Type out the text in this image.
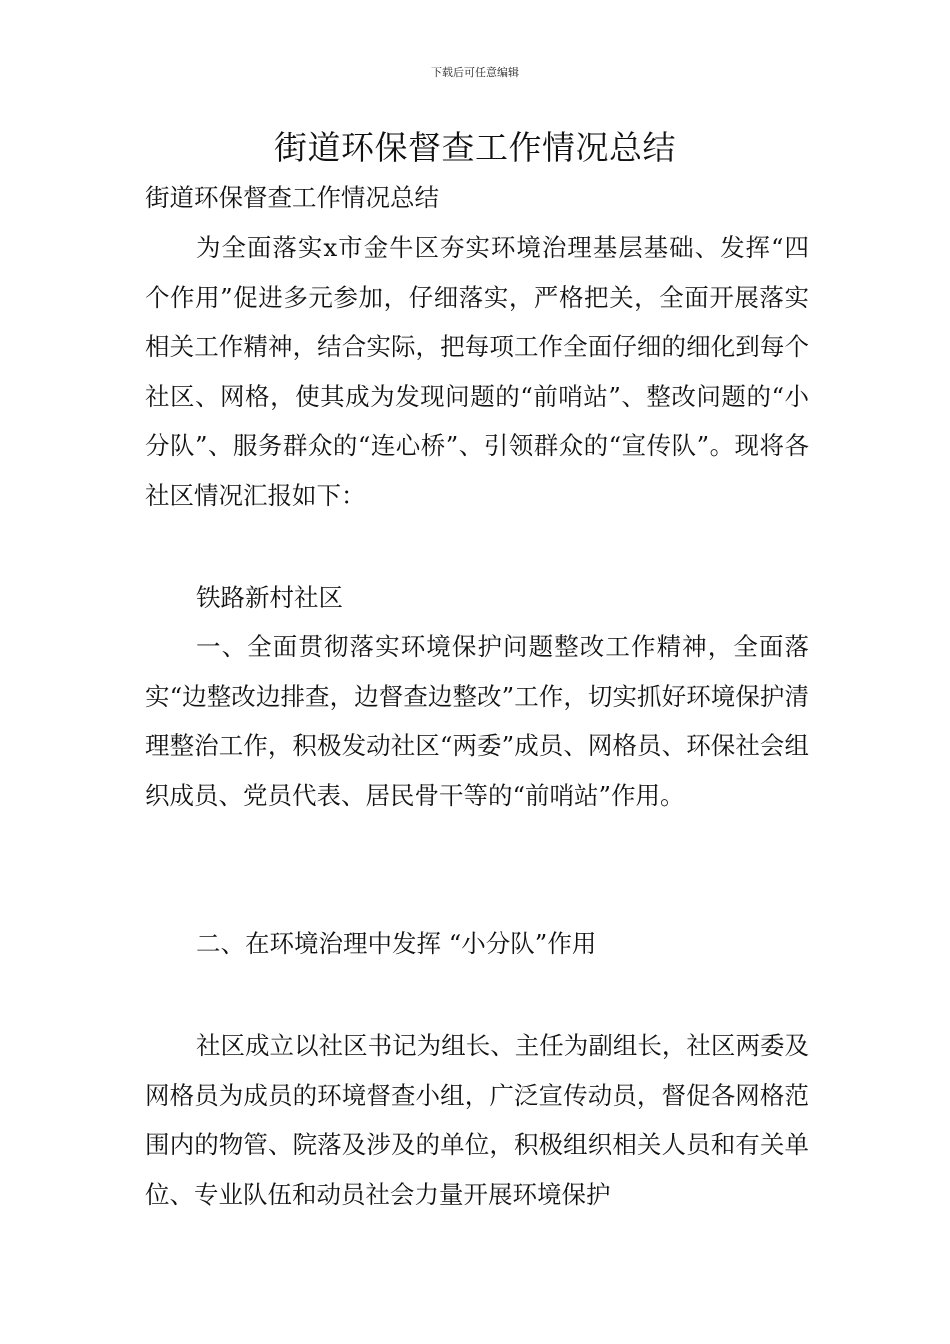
下载后可任意编辑
街道环保督查工作情况总结

街道环保督查工作情况总结

为全面落实x市金牛区夯实环境治理基层基础、发挥“四个作用”促进多元参加，仔细落实，严格把关，全面开展落实相关工作精神，结合实际，把每项工作全面仔细的细化到每个社区、网格，使其成为发现问题的“前哨站”、整改问题的“小分队”、服务群众的“连心桥”、引领群众的“宣传队”。现将各社区情况汇报如下：

铁路新村社区

一、全面贯彻落实环境保护问题整改工作精神，全面落实“边整改边排查，边督查边整改”工作，切实抓好环境保护清理整治工作，积极发动社区“两委”成员、网格员、环保社会组织成员、党员代表、居民骨干等的“前哨站”作用。

二、在环境治理中发挥 “小分队”作用

社区成立以社区书记为组长、主任为副组长，社区两委及网格员为成员的环境督查小组，广泛宣传动员，督促各网格范围内的物管、院落及涉及的单位，积极组织相关人员和有关单位、专业队伍和动员社会力量开展环境保护
